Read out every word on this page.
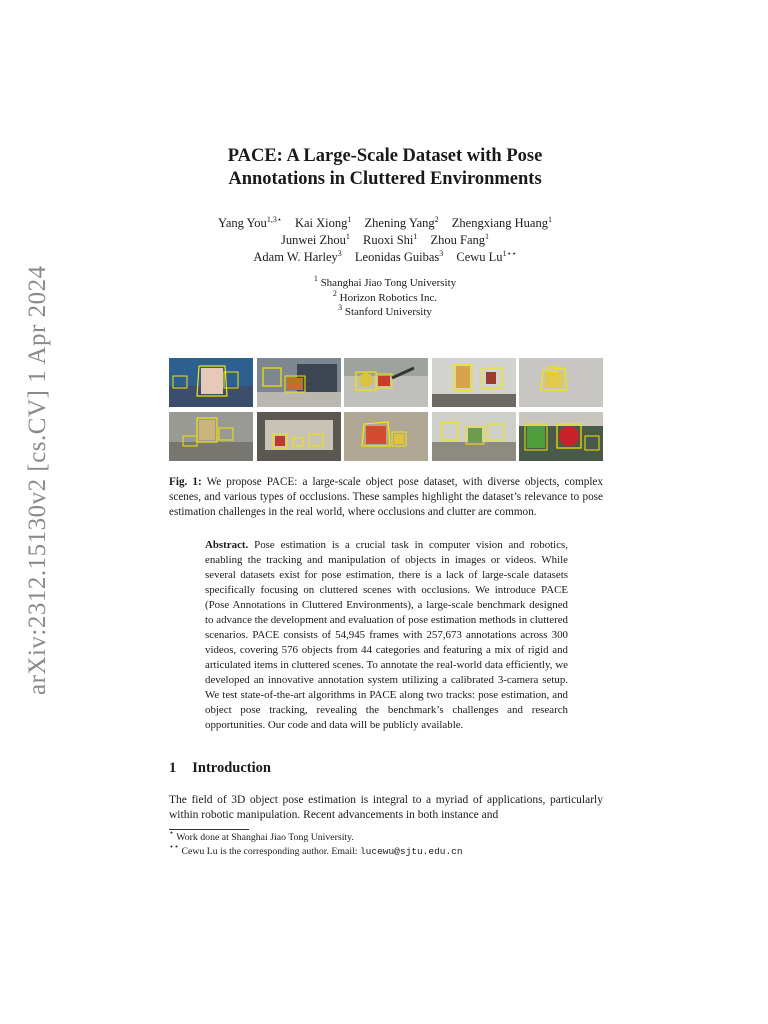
arXiv:2312.15130v2 [cs.CV] 1 Apr 2024
PACE: A Large-Scale Dataset with Pose
Annotations in Cluttered Environments
Yang You$^{1,3⋆}$ Kai Xiong$^1$ Zhening Yang$^2$ Zhengxiang Huang$^1$
Junwei Zhou$^1$ Ruoxi Shi$^1$ Zhou Fang$^1$
Adam W. Harley$^3$ Leonidas Guibas$^3$ Cewu $Lu^{1⋆⋆}$
$^1$ Shanghai Jiao Tong University
$^2$ Horizon Robotics Inc.
$^3$ Stanford University
Fig. 1: We propose PACE: a large-scale object pose dataset, with diverse objects, complex scenes, and various types of occlusions. These samples highlight the dataset’s relevance to pose estimation challenges in the real world, where occlusions and clutter are common.
Abstract. Pose estimation is a crucial task in computer vision and robotics, enabling the tracking and manipulation of objects in images or videos. While several datasets exist for pose estimation, there is a lack of large-scale datasets specifically focusing on cluttered scenes with occlusions. We introduce PACE (Pose Annotations in Cluttered Environments), a large-scale benchmark designed to advance the development and evaluation of pose estimation methods in cluttered scenarios. PACE consists of 54,945 frames with 257,673 annotations across 300 videos, covering 576 objects from 44 categories and featuring a mix of rigid and articulated items in cluttered scenes. To annotate the real-world data efficiently, we developed an innovative annotation system utilizing a calibrated 3-camera setup. We test state-of-the-art algorithms in PACE along two tracks: pose estimation, and object pose tracking, revealing the benchmark’s challenges and research opportunities. Our code and data will be publicly available.
1 Introduction
The field of 3D object pose estimation is integral to a myriad of applications, particularly within robotic manipulation. Recent advancements in both instance and
⋆ Work done at Shanghai Jiao Tong University.
⋆⋆ Cewu Lu is the corresponding author. Email: lucewu@sjtu.edu.cn
